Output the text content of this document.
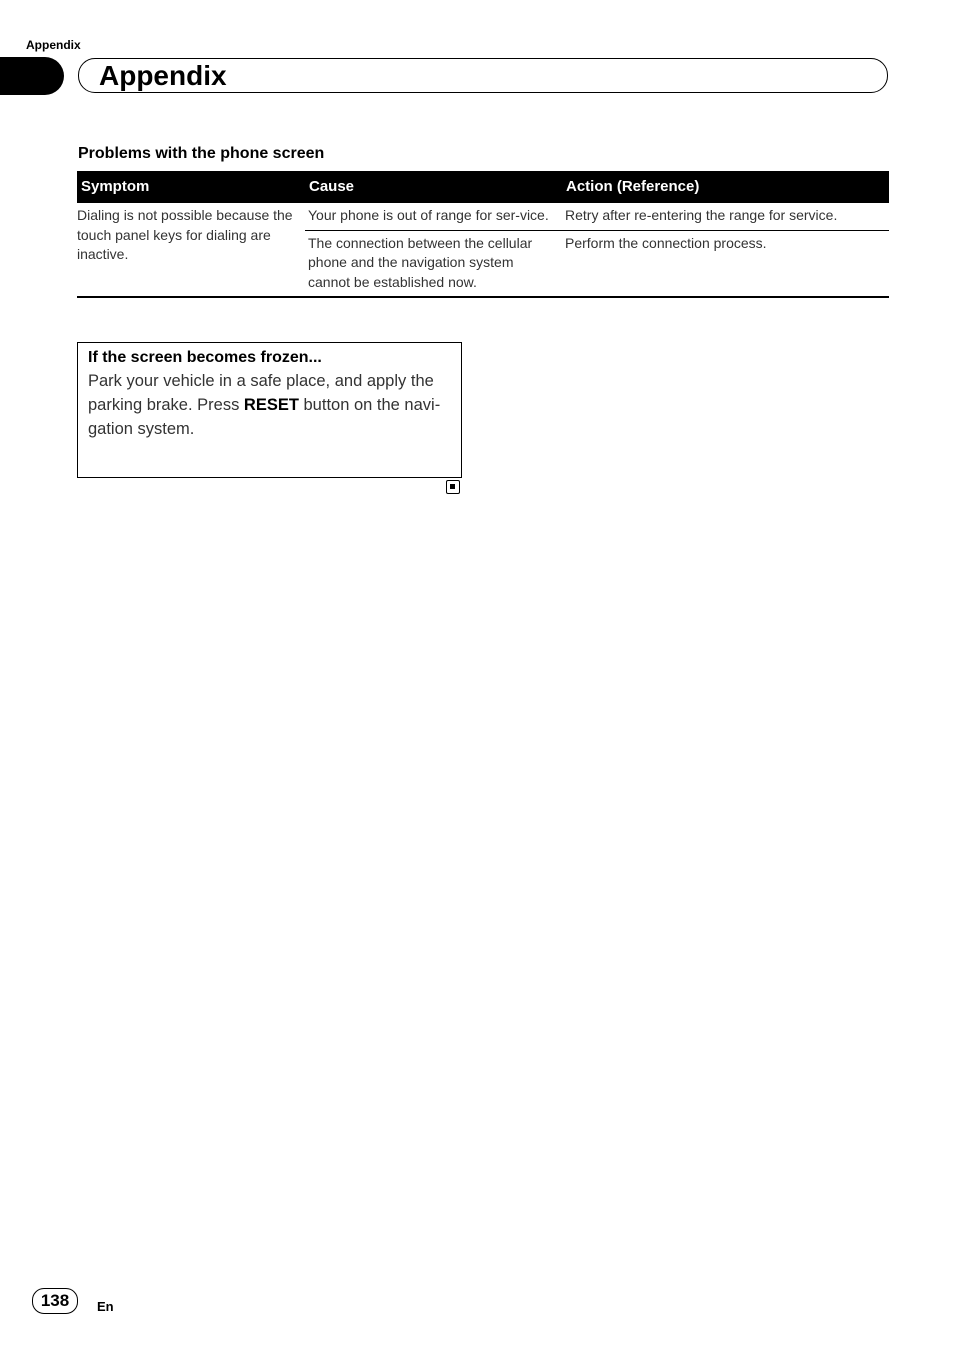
Appendix
Appendix
Problems with the phone screen
Symptom	Cause	Action (Reference)
Dialing is not possible because the touch panel keys for dialing are inactive.	Your phone is out of range for ser-vice.	Retry after re-entering the range for service.
	The connection between the cellular phone and the navigation system cannot be established now.	Perform the connection process.
If the screen becomes frozen...
Park your vehicle in a safe place, and apply the parking brake. Press RESET button on the navi-gation system.
138	En
